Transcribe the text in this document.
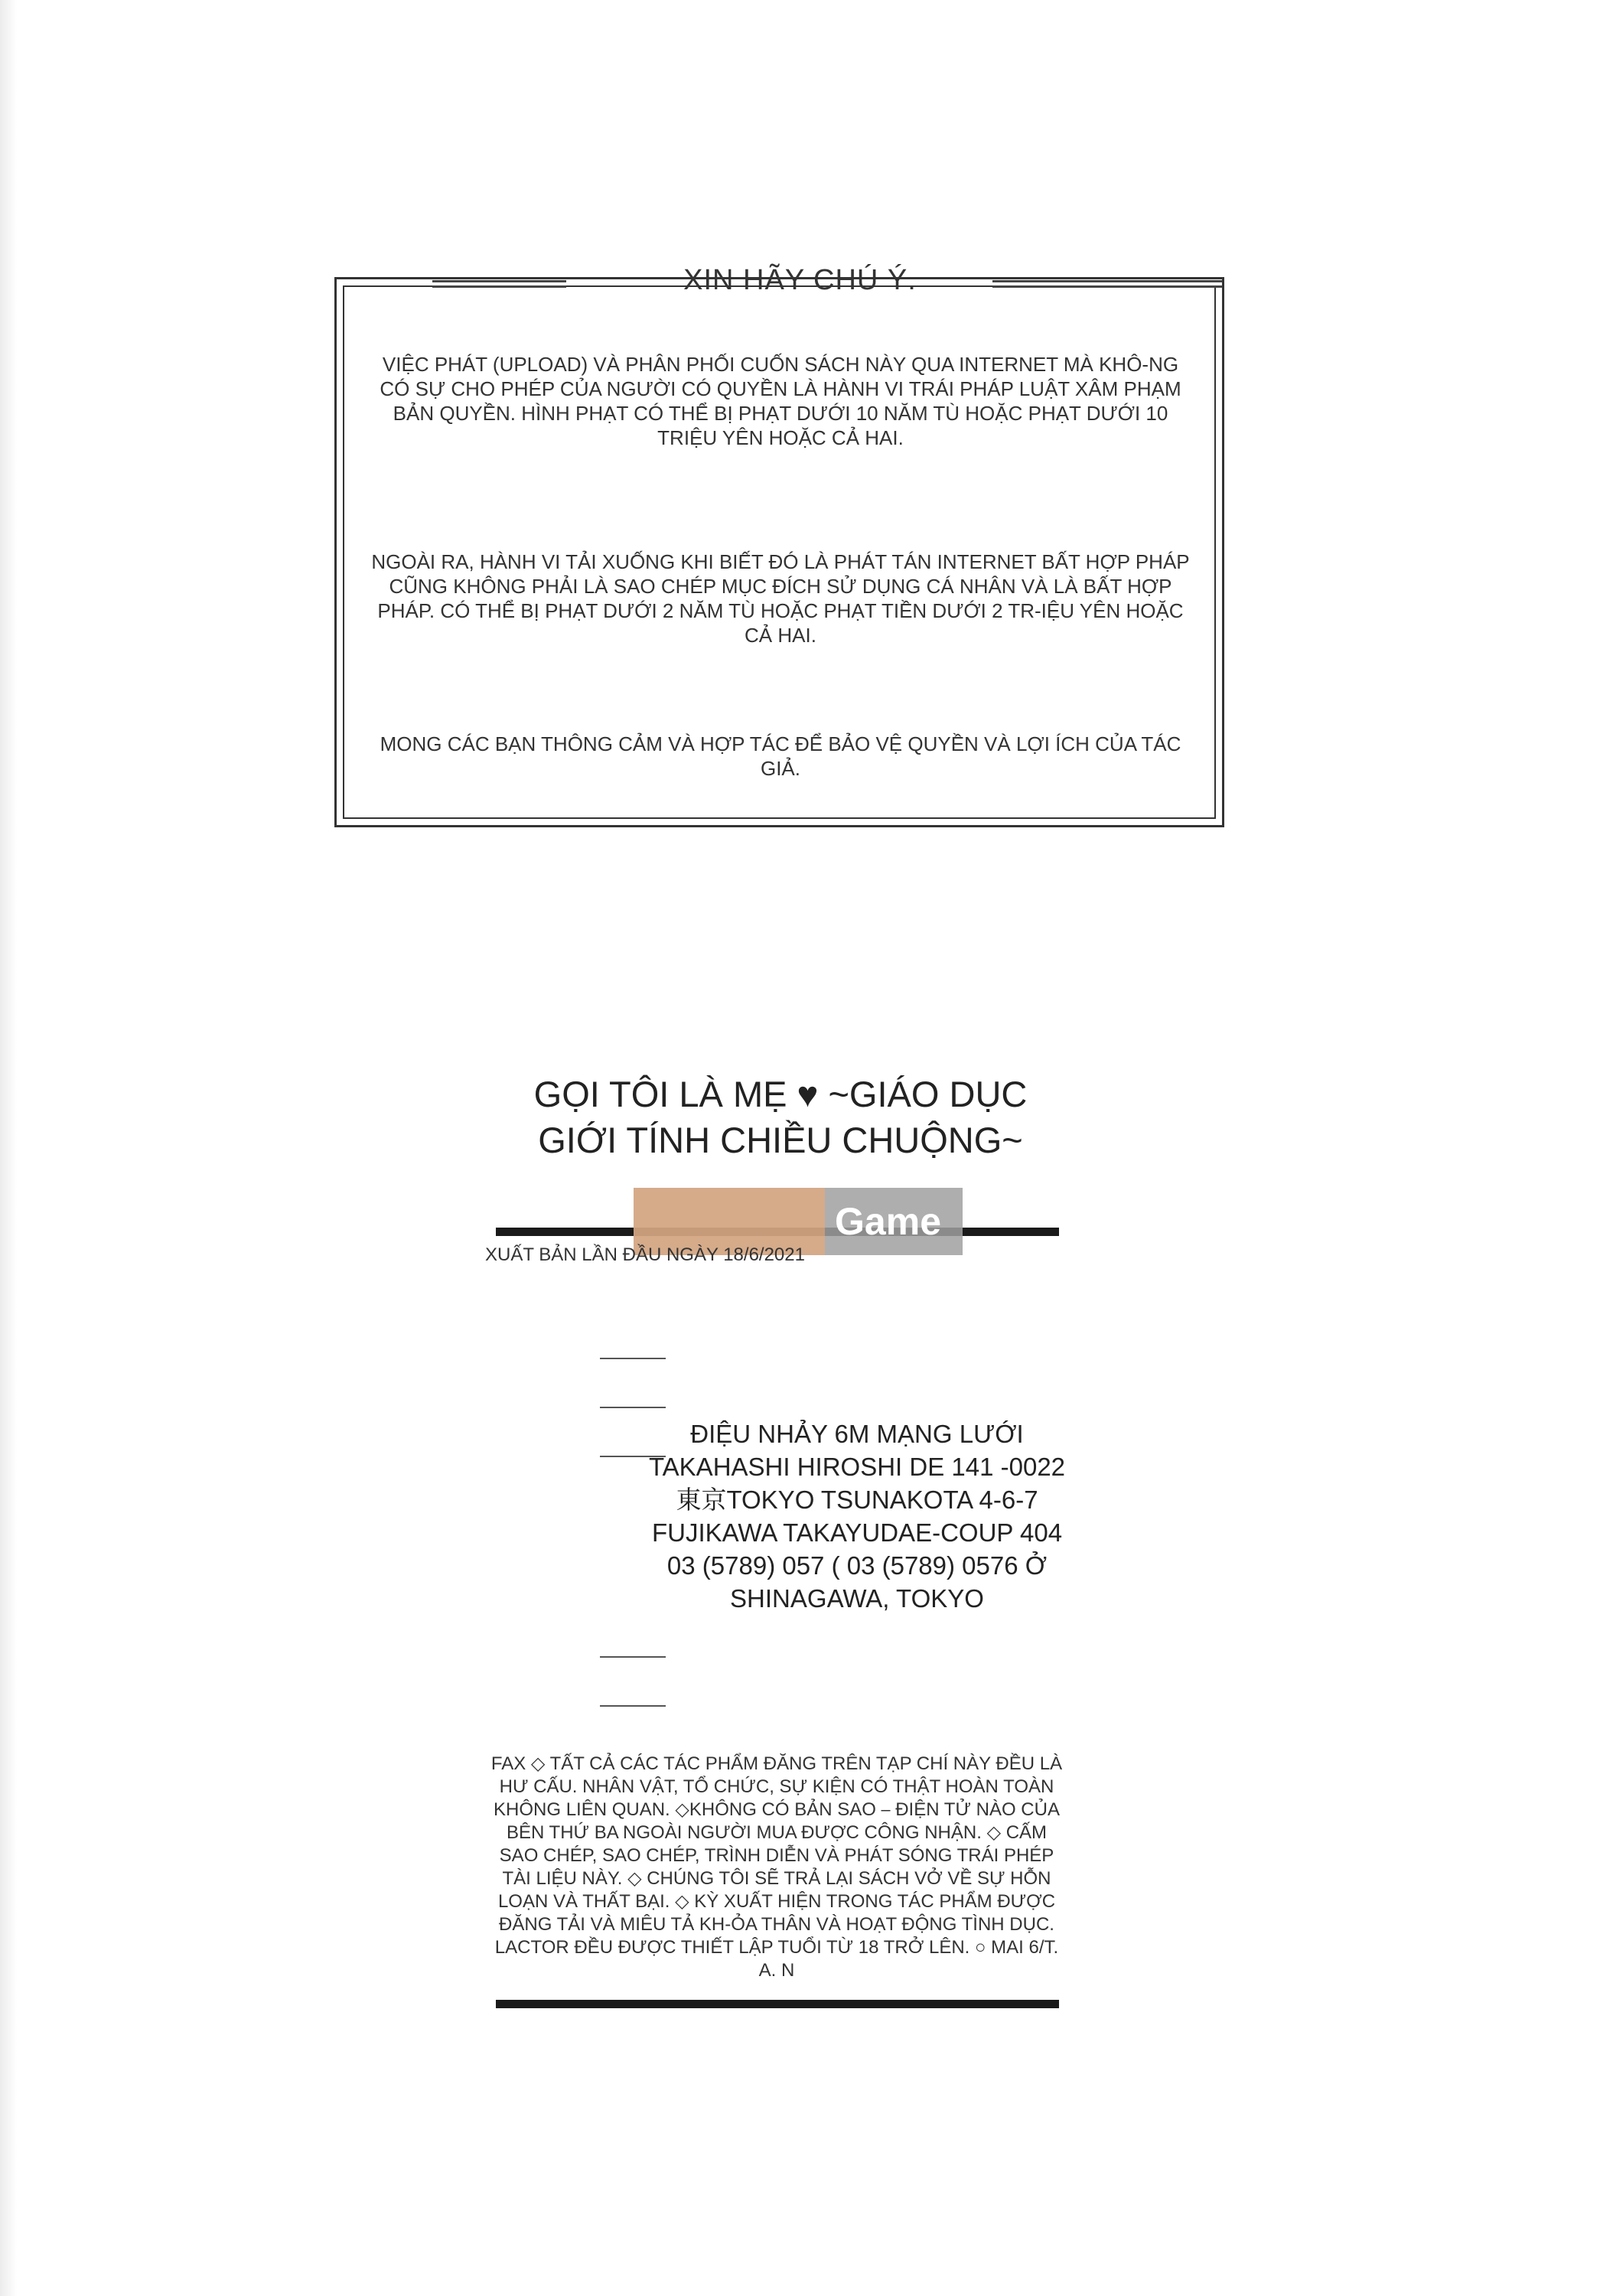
XIN HÃY CHÚ Ý.
VIỆC PHÁT (UPLOAD) VÀ PHÂN PHỐI CUỐN SÁCH NÀY QUA INTERNET MÀ KHÔ-NG CÓ SỰ CHO PHÉP CỦA NGƯỜI CÓ QUYỀN LÀ HÀNH VI TRÁI PHÁP LUẬT XÂM PHẠM BẢN QUYỀN. HÌNH PHẠT CÓ THỂ BỊ PHẠT DƯỚI 10 NĂM TÙ HOẶC PHẠT DƯỚI 10 TRIỆU YÊN HOẶC CẢ HAI.
NGOÀI RA, HÀNH VI TẢI XUỐNG KHI BIẾT ĐÓ LÀ PHÁT TÁN INTERNET BẤT HỢP PHÁP CŨNG KHÔNG PHẢI LÀ SAO CHÉP MỤC ĐÍCH SỬ DỤNG CÁ NHÂN VÀ LÀ BẤT HỢP PHÁP. CÓ THỂ BỊ PHẠT DƯỚI 2 NĂM TÙ HOẶC PHẠT TIỀN DƯỚI 2 TR-IỆU YÊN HOẶC CẢ HAI.
MONG CÁC BẠN THÔNG CẢM VÀ HỢP TÁC ĐỂ BẢO VỆ QUYỀN VÀ LỢI ÍCH CỦA TÁC GIẢ.
GỌI TÔI LÀ MẸ ♥ ~GIÁO DỤC
GIỚI TÍNH CHIỀU CHUỘNG~
Game
XUẤT BẢN LẦN ĐẦU NGÀY 18/6/2021
ĐIỆU NHẢY 6M MẠNG LƯỚI TAKAHASHI HIROSHI DE 141 -0022 東京TOKYO TSUNAKOTA 4-6-7 FUJIKAWA TAKAYUDAE-COUP 404 03 (5789) 057 ( 03 (5789) 0576 Ở SHINAGAWA, TOKYO
FAX ◇ TẤT CẢ CÁC TÁC PHẨM ĐĂNG TRÊN TẠP CHÍ NÀY ĐỀU LÀ HƯ CẤU. NHÂN VẬT, TỔ CHỨC, SỰ KIỆN CÓ THẬT HOÀN TOÀN KHÔNG LIÊN QUAN. ◇KHÔNG CÓ BẢN SAO ⎯ ĐIỆN TỬ NÀO CỦA BÊN THỨ BA NGOÀI NGƯỜI MUA ĐƯỢC CÔNG NHẬN. ◇ CẤM SAO CHÉP, SAO CHÉP, TRÌNH DIỄN VÀ PHÁT SÓNG TRÁI PHÉP TÀI LIỆU NÀY. ◇ CHÚNG TÔI SẼ TRẢ LẠI SÁCH VỞ VỀ SỰ HỖN LOẠN VÀ THẤT BẠI. ◇ KỲ XUẤT HIỆN TRONG TÁC PHẨM ĐƯỢC ĐĂNG TẢI VÀ MIÊU TẢ KH-ỎA THÂN VÀ HOẠT ĐỘNG TÌNH DỤC. LACTOR ĐỀU ĐƯỢC THIẾT LẬP TUỔI TỪ 18 TRỞ LÊN. ○ MAI 6/T. A. N
